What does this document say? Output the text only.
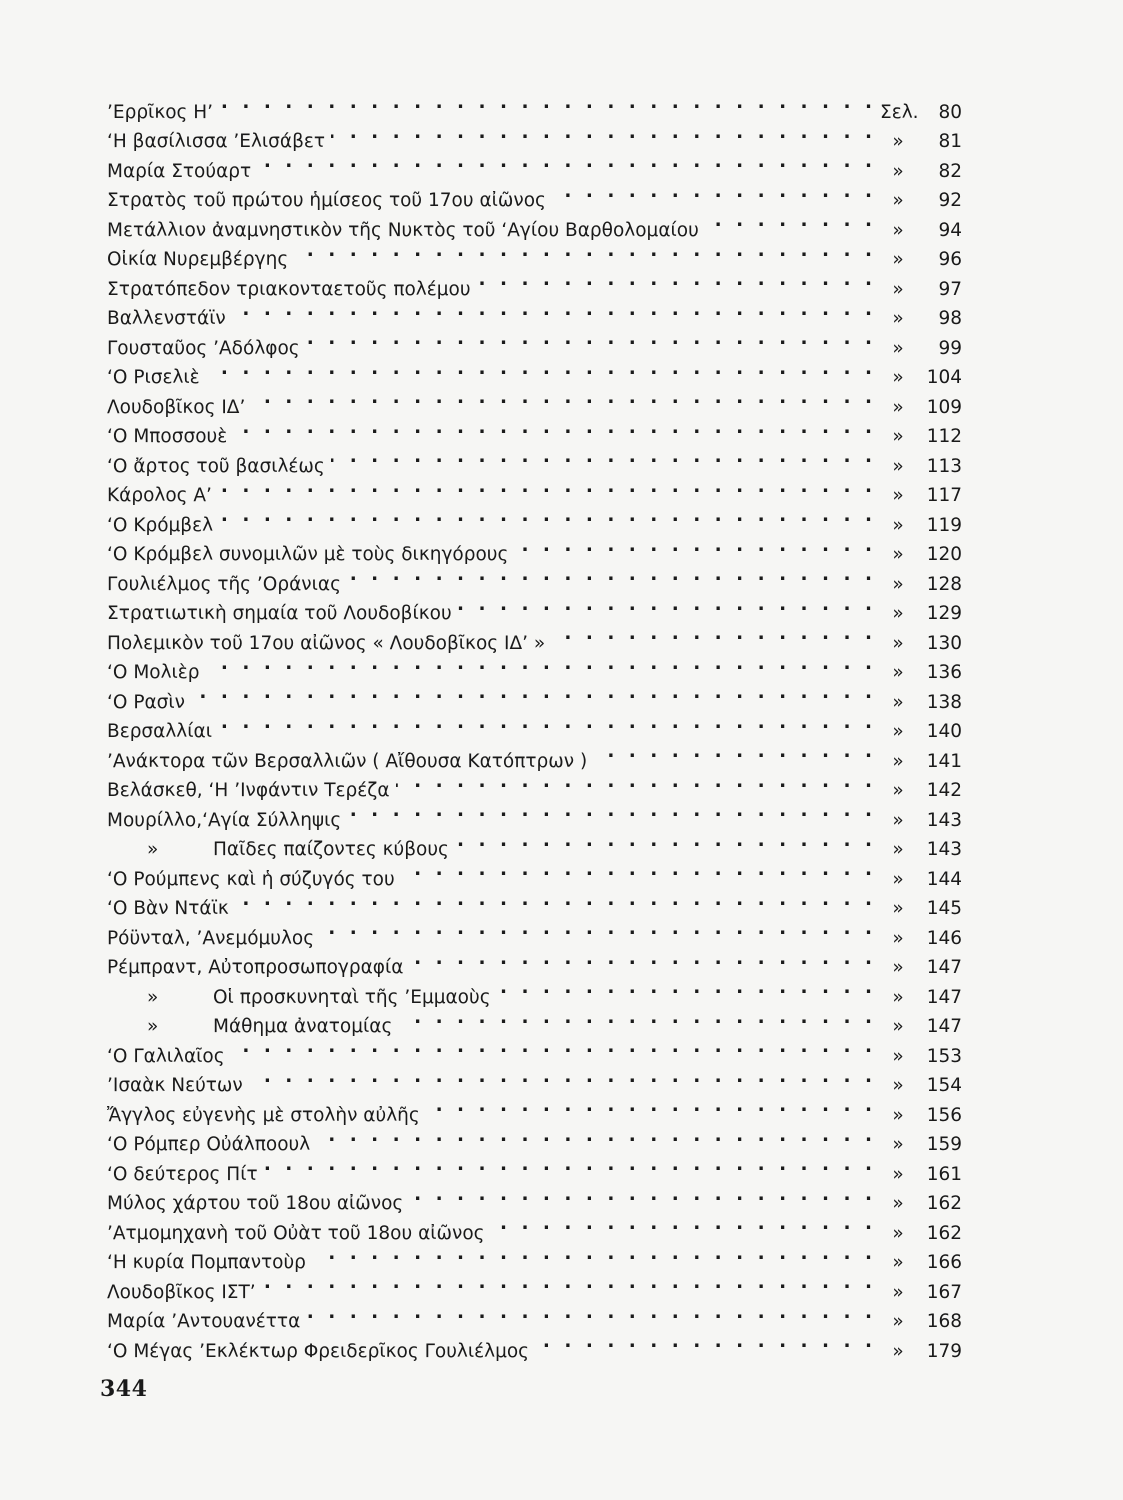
’Ερρῖκος Η’ . . .	Σελ.	80
‘Η βασίλισσα ’Ελισάβετ . . .	»	81
Μαρία Στούαρτ . . .	»	82
Στρατὸς τοῦ πρώτου ἡμίσεος τοῦ 17ου αἰῶνος . . .	»	92
Μετάλλιον ἀναμνηστικὸν τῆς Νυκτὸς τοῦ ‘Αγίου Βαρθολομαίου . . .	»	94
Οἰκία Νυρεμβέργης . . .	»	96
Στρατόπεδον τριακονταετοῦς πολέμου . . .	»	97
Βαλλενστάϊν . . .	»	98
Γουσταῦος ’Αδόλφος . . .	»	99
‘Ο Ρισελιὲ . . .	»	104
Λουδοβῖκος ΙΔ’ . . .	»	109
‘Ο Μποσσουὲ . . .	»	112
‘Ο ἄρτος τοῦ βασιλέως . . .	»	113
Κάρολος Α’ . . .	»	117
‘Ο Κρόμβελ . . .	»	119
‘Ο Κρόμβελ συνομιλῶν μὲ τοὺς δικηγόρους . . .	»	120
Γουλιέλμος τῆς ’Οράνιας . . .	»	128
Στρατιωτικὴ σημαία τοῦ Λουδοβίκου . . .	»	129
Πολεμικὸν τοῦ 17ου αἰῶνος « Λουδοβῖκος ΙΔ’ » . . .	»	130
‘Ο Μολιὲρ . . .	»	136
‘Ο Ρασὶν . . .	»	138
Βερσαλλίαι . . .	»	140
’Ανάκτορα τῶν Βερσαλλιῶν ( Αἴθουσα Κατόπτρων ) . . .	»	141
Βελάσκεθ, ‘Η ’Ινφάντιν Τερέζα . . .	»	142
Μουρίλλο,‘Αγία Σύλληψις . . .	»	143
»	Παῖδες παίζοντες κύβους . . .	»	143
‘Ο Ρούμπενς καὶ ἡ σύζυγός του . . .	»	144
‘Ο Βὰν Ντάϊκ . . .	»	145
Ρόϋνταλ, ’Ανεμόμυλος . . .	»	146
Ρέμπραντ, Αὐτοπροσωπογραφία . . .	»	147
»	Οἱ προσκυνηταὶ τῆς ’Εμμαοὺς . . .	»	147
»	Μάθημα ἀνατομίας . . .	»	147
‘Ο Γαλιλαῖος . . .	»	153
’Ισαὰκ Νεύτων . . .	»	154
Ἄγγλος εὐγενὴς μὲ στολὴν αὐλῆς . . .	»	156
‘Ο Ρόμπερ Οὐάλποουλ . . .	»	159
‘Ο δεύτερος Πίτ . . .	»	161
Μύλος χάρτου τοῦ 18ου αἰῶνος . . .	»	162
’Ατμομηχανὴ τοῦ Οὐὰτ τοῦ 18ου αἰῶνος . . .	»	162
‘Η κυρία Πομπαντοὺρ . . .	»	166
Λουδοβῖκος ΙΣΤ’ . . .	»	167
Μαρία ’Αντουανέττα . . .	»	168
‘Ο Μέγας ’Εκλέκτωρ Φρειδερῖκος Γουλιέλμος . . .	»	179
344
